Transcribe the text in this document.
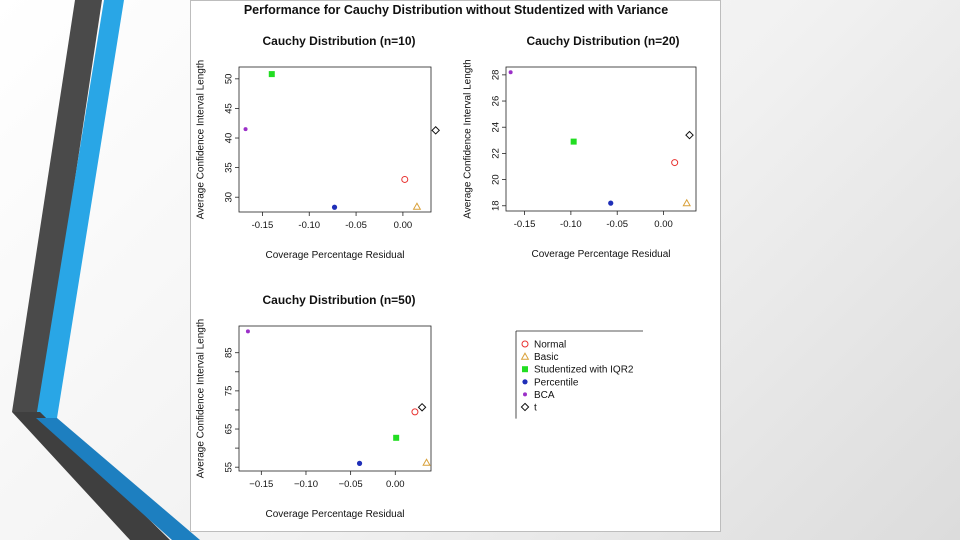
Performance for Cauchy Distribution without Studentized with Variance
Cauchy Distribution (n=10)
-0.15	-0.10	-0.05	0.00
30
35
40
45
50
Coverage Percentage Residual
Average Confidence Interval Length
Cauchy Distribution (n=20)
-0.15	-0.10	-0.05	0.00
18
20
22
24
26
28
Coverage Percentage Residual
Average Confidence Interval Length
Cauchy Distribution (n=50)
−0.15 −0.10 −0.05 0.00
55
65
75
85
Coverage Percentage Residual
Average Confidence Interval Length	Normal
Basic
Studentized with IQR2
Percentile
BCA
t
